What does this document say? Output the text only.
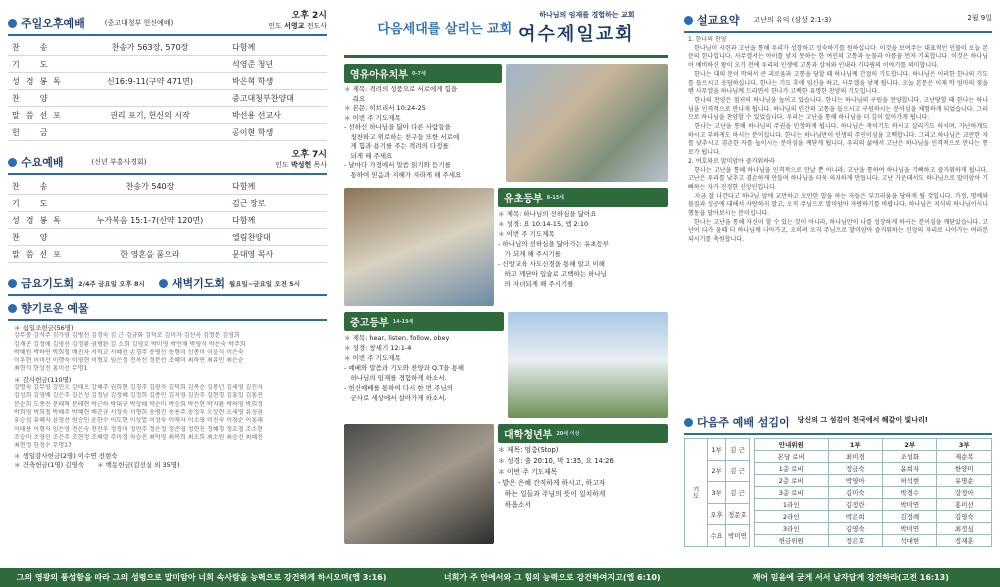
주일오후예배	(중고대청부 헌신예배)
오후 2시
인도 서영교 전도사
찬　송	찬송가 563장, 570장	다함께
기　도	석영준 청년
성경봉독	신16:9-11(구약 471면)	박은혁 학생
찬　양	중고대청부찬양대
말씀선포	권리 포기, 헌신의 시작	박선용 선교사
헌　금	공이현 학생
수요예배	(신년 부흥사경회)
오후 7시
인도 박성헌 목사
찬　송	찬송가 540장	다함께
기　도	김근 장로
성경봉독	누가복음 15:1-7(신약 120면)	다함께
찬　양	엘림찬양대
말씀선포	한 영혼을 품으라	문대영 목사
금요기도회 2/4주 금요일 오후 8시 새벽기도회 월요일~금요일 오전 5시
향기로운 예물
＊ 십일조헌금(56명)
강무중 강석주 김가영 김병선 김경숙 김 근 김금화 김덕로 김미자 김선옥 김명문 김영희
김재곤 김정애 김영선 김정환 권병완 김 소희 김영호 박미영 박만채 박영식 박은숙 박주희
박혜원 박하연 박희철 배진자 서덕교 서혜선 손경주 송병선 송형미 신종미 이윤식 이은숙
이우현 이미선 이행숙 이영현 이형호 임은정 전옥선 정문선 조혜미 최하연 최유민 최은순
최현식 한상진 홍미선 무명1
＊ 감사헌금(110명)
강명숙 강무영 강민오 강태오 강혜주 권희현 김경주 김광자 김덕희 김복순 김봉년 김세영 김진자
김성희 김영배 김은주 김은성 김정남 김정혜 김정희 김종민 김지영 김진주 김현경 김홍일 김홍진
문순희 도종진 문태혁 문태현 박근하 박대규 박상혜 박순미 박승희 박은현 박지환 박하영 박희정
박희영 박희철 박혜주 박혜현 배준규 서정욱 서형희 송병진 송용주 송정우 오상현 오세영 유성권
유승심 유혜자 윤영선 원승민 윤한수 이도현 이상열 이성숙 이애자 이소영 이진숙 이창순 이홍래
이태용 이형자 임은영 전은숙 전찬우 정경미 정연주 정은정 정준영 정현진 정혜경 정호철 조소현
조승미 조영선 조은주 조현정 조혜령 주미경 차승진 최덕영 최복희 최소희 최소원 최승진 최혜진
최현정 한정수 무명17
＊ 생일감사헌금(2명) 이수연 전현숙
＊ 건축헌금(1명) 김영숙　　＊ 백동헌금(김선실 외 35명)
다음세대를 살리는 교회
하나님의 임재를 경험하는 교회
여수제일교회
영유아유치부 0-7세
＊ 제목: 격려의 성품으로 서로에게 힘을
　 줘요
＊ 본문: 히브리서 10:24-25
＊ 이번 주 기도제목
- 선하신 하나님을 닮아 다른 사람들을
　칭찬하고 위로하는 친구들 또한 서로에
　게 힘과 용기를 주는 격려의 다정를
　되게 해 주세요
- 날마다 가정에서 말씀 읽기와 듣기를
　통하여 믿음과 지혜가 자라게 해 주세요
유초등부 8-13세
＊ 제목: 하나님의 선하심을 닮아요
＊ 성경: 요 10:14-15, 엡 2:10
＊ 이번 주 기도제목
- 하나님의 선하심을 닮아가는 유초등부
　가 되게 해 주시기를
- 신앙교육 사도신경을 통해 알고 이해
　하고 깨닫아 입술로 고백하는 하나님
　의 자녀되게 해 주시기를
중고등부 14-19세
＊ 제목: hear, listen, follow, obey
＊ 성경: 창세기 12:1-4
＊ 이번 주 기도제목
- 예배와 말씀과 기도와 찬양과 Q.T을 통해
　하나님의 임재를 경험하게 하소서.
- 헌신예배를 통하여 다시 한 번 주님의
　군사로 세상에서 살아가게 하소서.
대학청년부 20세 이상
＊ 제목: 멈춤(Stop)
＊ 성경: 출 20:10, 막 1:35, 요 14:26
＊ 이번 주 기도제목
- 밭은 은혜 간직하게 하시고, 하고자
　하는 일들과 주님의 뜻이 일치하게
　하옵소서
설교요약 고난의 유익 (삼상 2:1-3)	2월 9일
1. 한나의 찬양
　한나님이 시련과 고난을 통해 우리가 성장하고 성숙하기를 원하십니다. 이것을 보여주는 대표적인 인물이 오늘 본문의 한나입니다. 사무엘서는 아이를 낳지 못하는 한 여인의 고통과 눈물과 아픔을 먼저 기록합니다. 이것은 하나님이 예비하신 왕이 오기 전에 우리의 인생에 고통과 상처와 인내라 기다림의 이야기를 의미합니다.
　한나는 대의 문이 막혀서 큰 괴로움과 고통을 당할 때 하나님께 간절히 기도합니다. 하나님은 이러한 한나의 기도를 들으시고 응답하십니다. 한나는 기도 후에 임신을 하고, 사무엘을 낳게 됩니다. 오늘 본문은 이제 막 엄마의 젖을 뗀 사무엘을 하나님께 드리면서 한나가 고백한 유명한 찬양의 기도입니다.
　한나의 찬양은 철저히 하나님을 높이고 있습니다. 한나는 하나님의 구원을 찬양합니다. 고난당할 때 한나는 하나님을 인격적으로 만나게 됩니다. 하나님의 인간의 고통을 들으시고 구원하시는 분이심을 체험하게 되었습니다. 그러므로 하나님을 찬양할 수 있었습니다. 우리는 고난을 통해 하나님을 더 깊이 알아가게 됩니다.
　한나는 고난을 통해 하나님의 주권을 인정하게 됩니다. 하나님은 죽이기도 하시고 살리기도 하시며, 가난하게도 하시고 부하게도 하시는 분이십니다. 한나는 하나님만이 인생의 주인이심을 고백합니다. 그리고 하나님은 교만한 자를 낮추시고 겸손한 자를 높이시는 분이심을 깨닫게 됩니다. 우리의 삶에서 고난은 하나님을 인격적으로 만나는 통로가 됩니다.
2. 여호와로 말미암아 즐거워하라
　한나는 고난을 통해 하나님을 인격적으로 만날 뿐 아니라, 고난을 통하여 하나님을 기뻐하고 즐거워하게 됩니다. 고난은 우리를 낮추고 겸손하게 만들며 하나님을 더욱 의지하게 만듭니다. 고난 가운데서도 하나님으로 말미암아 기뻐하는 자가 진정한 신앙인입니다.
　지금 잘 나간다고 하나님 앞에 교만하고 오만한 말을 하는 자들은 부끄러움을 당하게 될 것입니다. 가정, 명예와 물질과 성공에 대해서 자랑하지 말고, 오직 주님으로 말미암아 자랑하기를 바랍니다. 하나님은 지식의 하나님이시니 행동을 달아보시는 분이십니다.
　한나는 고난을 통해 자신이 할 수 있는 것이 아니라, 하나님만이 나를 성장하게 하시는 분이심을 깨닫았습니다. 고난이 다가 올때 더 하나님께 나아가고, 오히려 오직 주님으로 말미암아 즐거워하는 신앙의 자리로 나아가는 여러분 되시기를 축원합니다.
다음주 예배 섬김이 당신의 그 섬김이 천국에서 해같이 빛나리!
기도	1부	김 근
	2부	김 근
	3부	김 근
	오후	정문호
	수요	박미연
안내위원	1부	2부	3부
본당 로비	최미경	조성화	제순복
1층 로비	정금숙	윤희자	한양미
2층 로비	박영아	허석현	유명순
3층 로비	김미숙	박경수	강정아
1라인	김정란	박미연	홍미선
2라인	박은희	김정례	김영숙
3라인	김영숙	박미연	최정심
헌금위원	정은호	석대현	정재훈
그의 영광의 풍성함을 따라 그의 성령으로 말미암아 너희 속사람을 능력으로 강건하게 하시오며(엡 3:16)	너희가 주 안에서와 그 힘의 능력으로 강건하여지고(엡 6:10)	깨어 믿음에 굳게 서서 남자답게 강건하라(고전 16:13)
